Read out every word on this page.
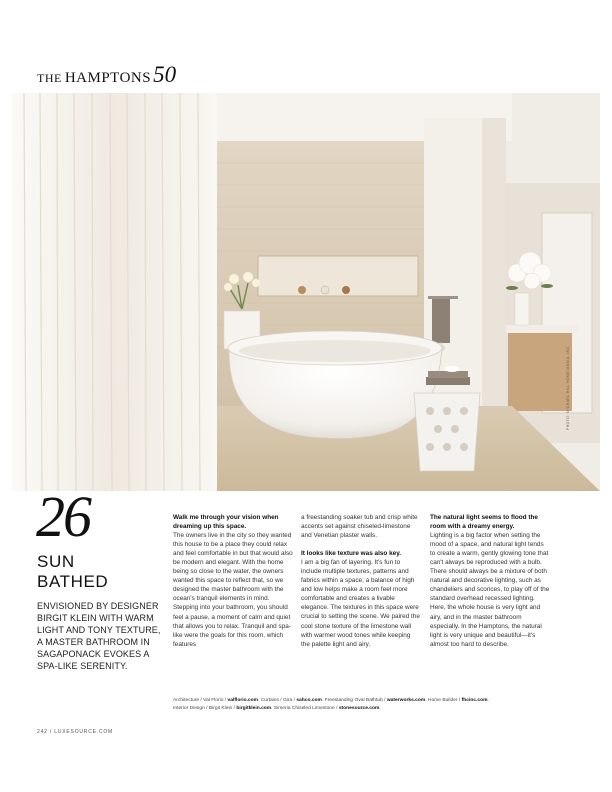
THE HAMPTONS 50
PHOTO: MICHAEL HILL HOME MEDIA, INC.
26
SUN
BATHED
ENVISIONED BY DESIGNER BIRGIT KLEIN WITH WARM LIGHT AND TONY TEXTURE, A MASTER BATHROOM IN SAGAPONACK EVOKES A SPA-LIKE SERENITY.

Walk me through your vision when dreaming up this space.

The owners live in the city so they wanted this house to be a place they could relax and feel comfortable in but that would also be modern and elegant. With the home being so close to the water, the owners wanted this space to reflect that, so we designed the master bathroom with the ocean's tranquil elements in mind. Stepping into your bathroom, you should feel a pause, a moment of calm and quiet that allows you to relax. Tranquil and spa-like were the goals for this room, which features

a freestanding soaker tub and crisp white accents set against chiseled-limestone and Venetian plaster walls.

It looks like texture was also key.

I am a big fan of layering. It's fun to include multiple textures, patterns and fabrics within a space; a balance of high and low helps make a room feel more comfortable and creates a livable elegance. The textures in this space were crucial to setting the scene. We paired the cool stone texture of the limestone wall with warmer wood tones while keeping the palette light and airy.

The natural light seems to flood the room with a dreamy energy.

Lighting is a big factor when setting the mood of a space, and natural light tends to create a warm, gently glowing tone that can't always be reproduced with a bulb. There should always be a mixture of both natural and decorative lighting, such as chandeliers and sconces, to play off of the standard overhead recessed lighting. Here, the whole house is very light and airy, and in the master bathroom especially. In the Hamptons, the natural light is very unique and beautiful—it's almost too hard to describe.

Architecture / Val Florio / valflorio.com. Curtains / Gira / sahco.com. Freestanding Oval Bathtub / waterworks.com. Home Builder / fhcinc.com.
Interior Design / Birgit Klein / birgitklein.com. Simeria Chiseled Limestone / stonesource.com.
242 / LUXESOURCE.COM
